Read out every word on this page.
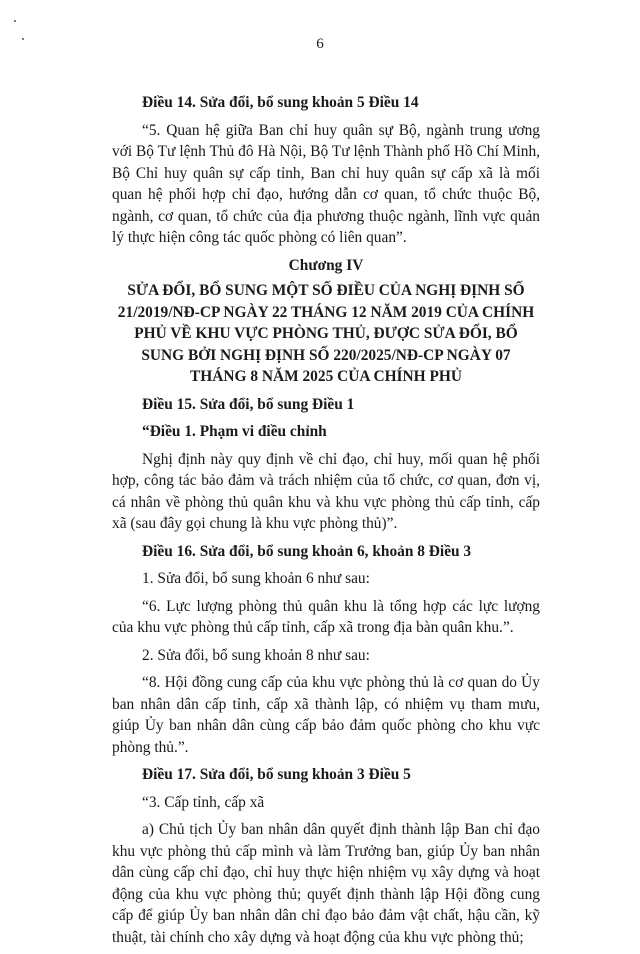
6

Điều 14. Sửa đổi, bổ sung khoản 5 Điều 14

“5. Quan hệ giữa Ban chỉ huy quân sự Bộ, ngành trung ương với Bộ Tư lệnh Thủ đô Hà Nội, Bộ Tư lệnh Thành phố Hồ Chí Minh, Bộ Chỉ huy quân sự cấp tỉnh, Ban chỉ huy quân sự cấp xã là mối quan hệ phối hợp chỉ đạo, hướng dẫn cơ quan, tổ chức thuộc Bộ, ngành, cơ quan, tổ chức của địa phương thuộc ngành, lĩnh vực quản lý thực hiện công tác quốc phòng có liên quan”.

Chương IV

SỬA ĐỔI, BỔ SUNG MỘT SỐ ĐIỀU CỦA NGHỊ ĐỊNH SỐ 21/2019/NĐ-CP NGÀY 22 THÁNG 12 NĂM 2019 CỦA CHÍNH PHỦ VỀ KHU VỰC PHÒNG THỦ, ĐƯỢC SỬA ĐỔI, BỔ SUNG BỞI NGHỊ ĐỊNH SỐ 220/2025/NĐ-CP NGÀY 07 THÁNG 8 NĂM 2025 CỦA CHÍNH PHỦ

Điều 15. Sửa đổi, bổ sung Điều 1

“Điều 1. Phạm vi điều chỉnh

Nghị định này quy định về chỉ đạo, chỉ huy, mối quan hệ phối hợp, công tác bảo đảm và trách nhiệm của tổ chức, cơ quan, đơn vị, cá nhân về phòng thủ quân khu và khu vực phòng thủ cấp tỉnh, cấp xã (sau đây gọi chung là khu vực phòng thủ)”.

Điều 16. Sửa đổi, bổ sung khoản 6, khoản 8 Điều 3

1. Sửa đổi, bổ sung khoản 6 như sau:

“6. Lực lượng phòng thủ quân khu là tổng hợp các lực lượng của khu vực phòng thủ cấp tỉnh, cấp xã trong địa bàn quân khu.”.

2. Sửa đổi, bổ sung khoản 8 như sau:

“8. Hội đồng cung cấp của khu vực phòng thủ là cơ quan do Ủy ban nhân dân cấp tỉnh, cấp xã thành lập, có nhiệm vụ tham mưu, giúp Ủy ban nhân dân cùng cấp bảo đảm quốc phòng cho khu vực phòng thủ.”.

Điều 17. Sửa đổi, bổ sung khoản 3 Điều 5

“3. Cấp tỉnh, cấp xã

a) Chủ tịch Ủy ban nhân dân quyết định thành lập Ban chỉ đạo khu vực phòng thủ cấp mình và làm Trưởng ban, giúp Ủy ban nhân dân cùng cấp chỉ đạo, chỉ huy thực hiện nhiệm vụ xây dựng và hoạt động của khu vực phòng thủ; quyết định thành lập Hội đồng cung cấp để giúp Ủy ban nhân dân chỉ đạo bảo đảm vật chất, hậu cần, kỹ thuật, tài chính cho xây dựng và hoạt động của khu vực phòng thủ;
